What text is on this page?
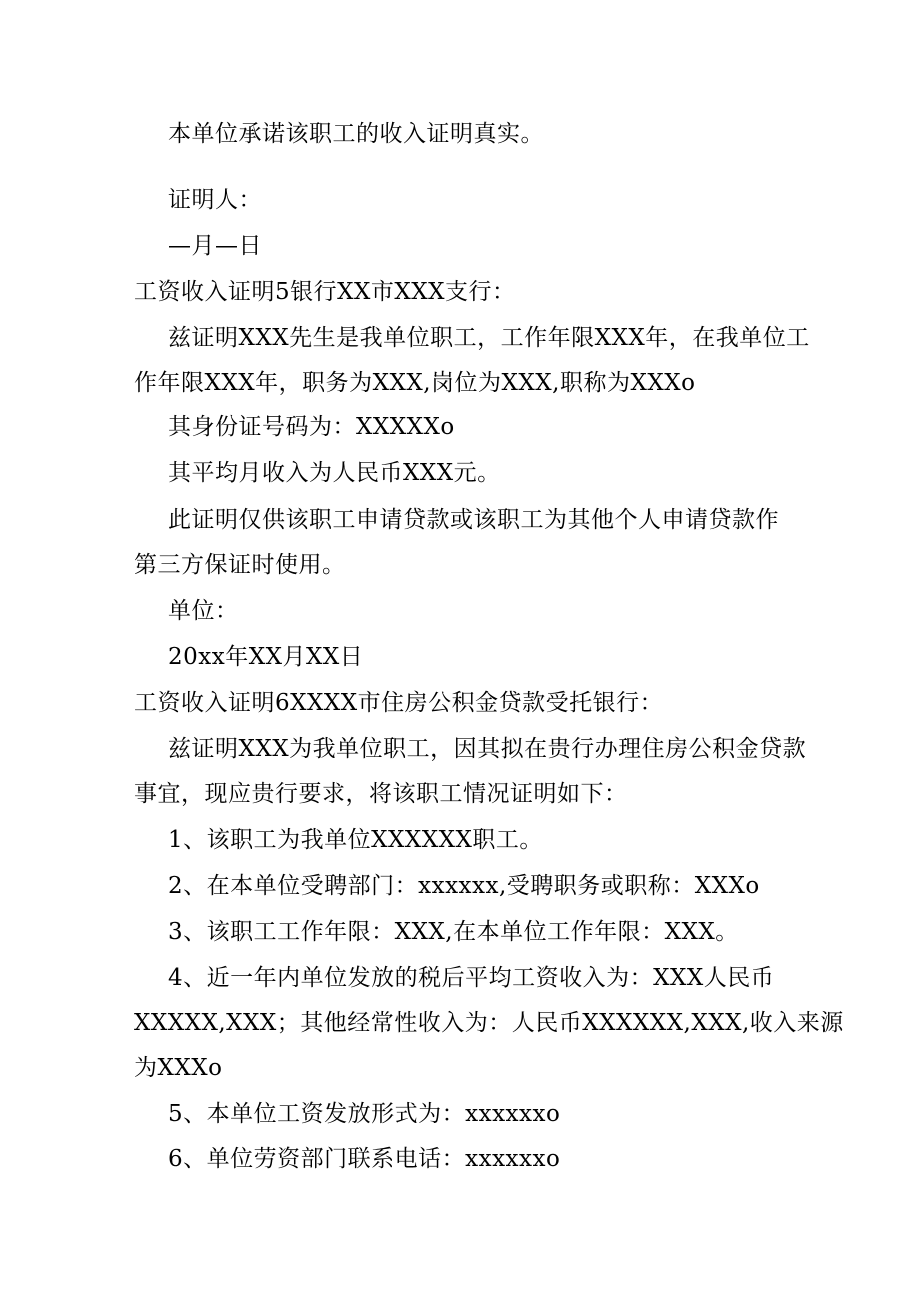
本单位承诺该职工的收入证明真实。
证明人：
—月—日
工资收入证明5银行XX市XXX支行：
兹证明XXX先生是我单位职工，工作年限XXX年，在我单位工
作年限XXX年，职务为XXX,岗位为XXX,职称为XXXo
其身份证号码为：XXXXXo
其平均月收入为人民币XXX元。
此证明仅供该职工申请贷款或该职工为其他个人申请贷款作
第三方保证时使用。
单位：
20xx年XX月XX日
工资收入证明6XXXX市住房公积金贷款受托银行：
兹证明XXX为我单位职工，因其拟在贵行办理住房公积金贷款
事宜，现应贵行要求，将该职工情况证明如下：
1、该职工为我单位XXXXXX职工。
2、在本单位受聘部门：xxxxxx,受聘职务或职称：XXXo
3、该职工工作年限：XXX,在本单位工作年限：XXX。
4、近一年内单位发放的税后平均工资收入为：XXX人民币
XXXXX,XXX；其他经常性收入为：人民币XXXXXX,XXX,收入来源
为XXXo
5、本单位工资发放形式为：xxxxxxo
6、单位劳资部门联系电话：xxxxxxo
